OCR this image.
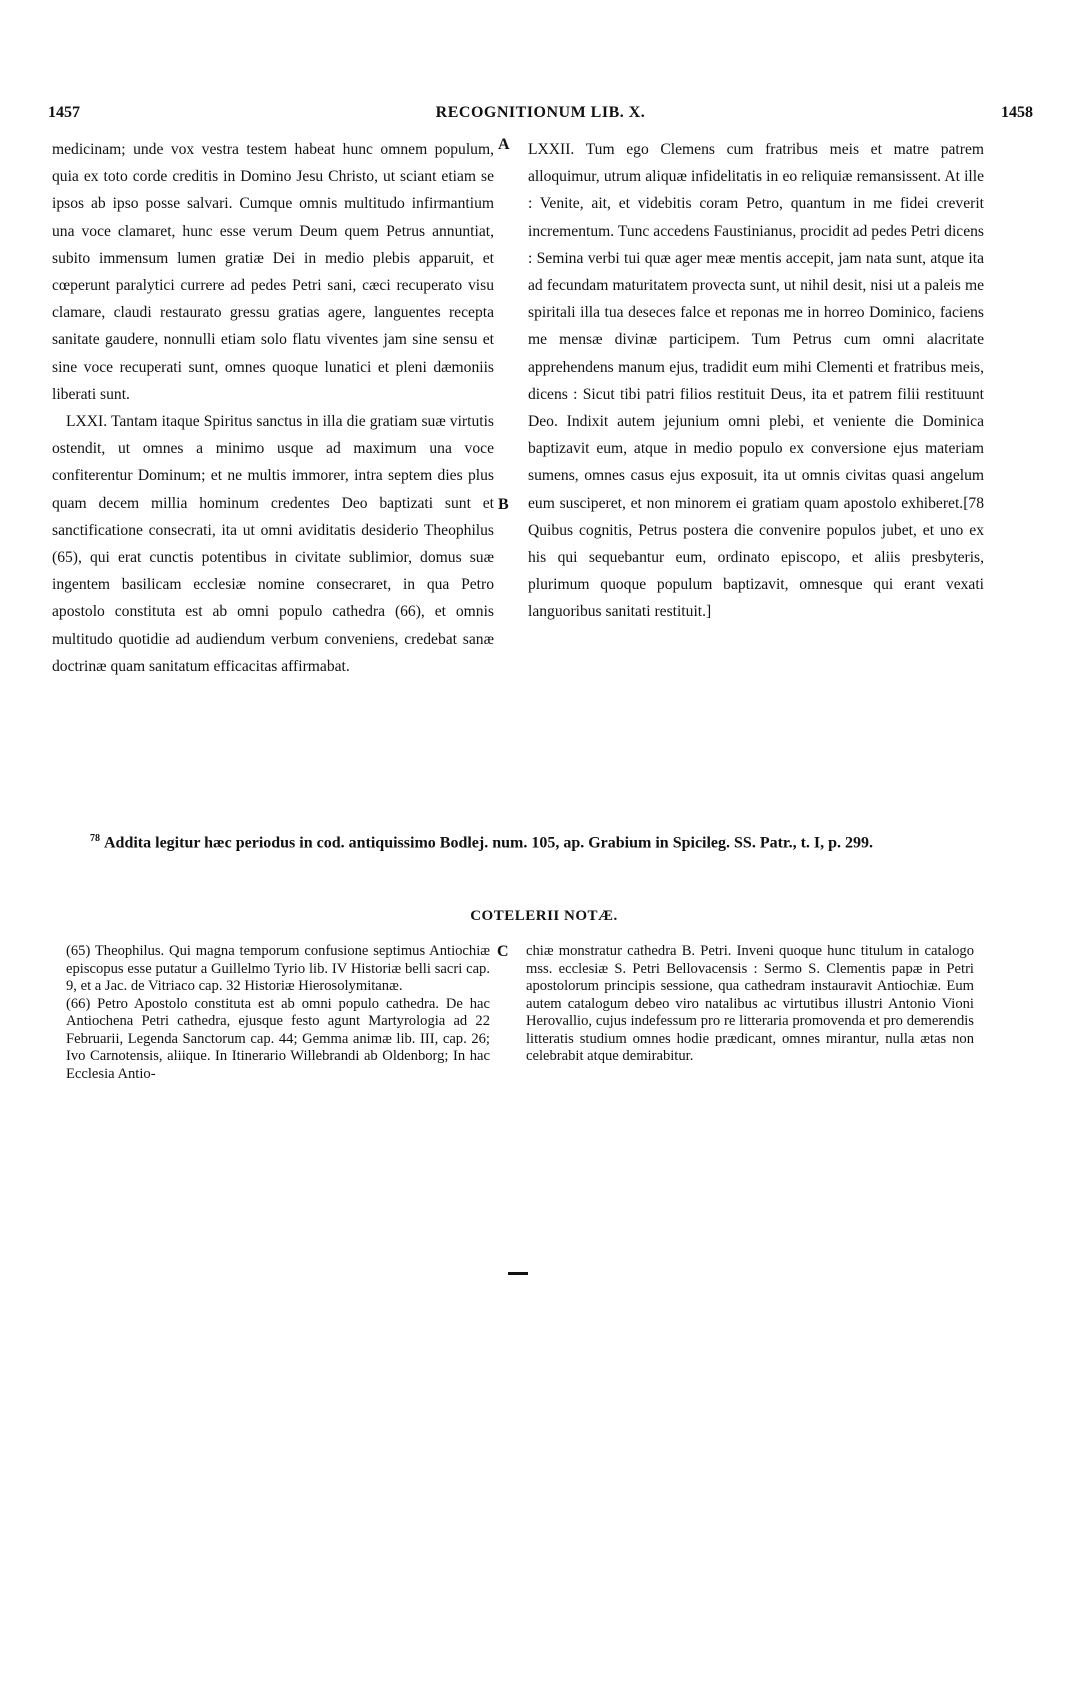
1457	RECOGNITIONUM LIB. X.	1458

medicinam; unde vox vestra testem habeat hunc omnem populum, quia ex toto corde creditis in Domino Jesu Christo, ut sciant etiam se ipsos ab ipso posse salvari. Cumque omnis multitudo infirmantium una voce clamaret, hunc esse verum Deum quem Petrus annuntiat, subito immensum lumen gratiæ Dei in medio plebis apparuit, et cœperunt paralytici currere ad pedes Petri sani, cæci recuperato visu clamare, claudi restaurato gressu gratias agere, languentes recepta sanitate gaudere, nonnulli etiam solo flatu viventes jam sine sensu et sine voce recuperati sunt, omnes quoque lunatici et pleni dæmoniis liberati sunt.

LXXI. Tantam itaque Spiritus sanctus in illa die gratiam suæ virtutis ostendit, ut omnes a minimo usque ad maximum una voce confiterentur Dominum; et ne multis immorer, intra septem dies plus quam decem millia hominum credentes Deo baptizati sunt et sanctificatione consecrati, ita ut omni aviditatis desiderio Theophilus (65), qui erat cunctis potentibus in civitate sublimior, domus suæ ingentem basilicam ecclesiæ nomine consecraret, in qua Petro apostolo constituta est ab omni populo cathedra (66), et omnis multitudo quotidie ad audiendum verbum conveniens, credebat sanæ doctrinæ quam sanitatum efficacitas affirmabat.

A
B

LXXII. Tum ego Clemens cum fratribus meis et matre patrem alloquimur, utrum aliquæ infidelitatis in eo reliquiæ remansissent. At ille : Venite, ait, et videbitis coram Petro, quantum in me fidei creverit incrementum. Tunc accedens Faustinianus, procidit ad pedes Petri dicens : Semina verbi tui quæ ager meæ mentis accepit, jam nata sunt, atque ita ad fecundam maturitatem provecta sunt, ut nihil desit, nisi ut a paleis me spiritali illa tua deseces falce et reponas me in horreo Dominico, faciens me mensæ divinæ participem. Tum Petrus cum omni alacritate apprehendens manum ejus, tradidit eum mihi Clementi et fratribus meis, dicens : Sicut tibi patri filios restituit Deus, ita et patrem filii restituunt Deo. Indixit autem jejunium omni plebi, et veniente die Dominica baptizavit eum, atque in medio populo ex conversione ejus materiam sumens, omnes casus ejus exposuit, ita ut omnis civitas quasi angelum eum susciperet, et non minorem ei gratiam quam apostolo exhiberet.[78 Quibus cognitis, Petrus postera die convenire populos jubet, et uno ex his qui sequebantur eum, ordinato episcopo, et aliis presbyteris, plurimum quoque populum baptizavit, omnesque qui erant vexati languoribus sanitati restituit.]

$^{78}$ Addita legitur hæc periodus in cod. antiquissimo Bodlej. num. 105, ap. Grabium in Spicileg. SS. Patr., t. I, p. 299.
COTELERII NOTÆ.

(65) Theophilus. Qui magna temporum confusione septimus Antiochiæ episcopus esse putatur a Guillelmo Tyrio lib. IV Historiæ belli sacri cap. 9, et a Jac. de Vitriaco cap. 32 Historiæ Hierosolymitanæ.

(66) Petro Apostolo constituta est ab omni populo cathedra. De hac Antiochena Petri cathedra, ejusque festo agunt Martyrologia ad 22 Februarii, Legenda Sanctorum cap. 44; Gemma animæ lib. III, cap. 26; Ivo Carnotensis, aliique. In Itinerario Willebrandi ab Oldenborg; In hac Ecclesia Antio-

C chiæ monstratur cathedra B. Petri. Inveni quoque hunc titulum in catalogo mss. ecclesiæ S. Petri Bellovacensis : Sermo S. Clementis papæ in Petri apostolorum principis sessione, qua cathedram instauravit Antiochiæ. Eum autem catalogum debeo viro natalibus ac virtutibus illustri Antonio Vioni Herovallio, cujus indefessum pro re litteraria promovenda et pro demerendis litteratis studium omnes hodie prædicant, omnes mirantur, nulla ætas non celebrabit atque demirabitur.
